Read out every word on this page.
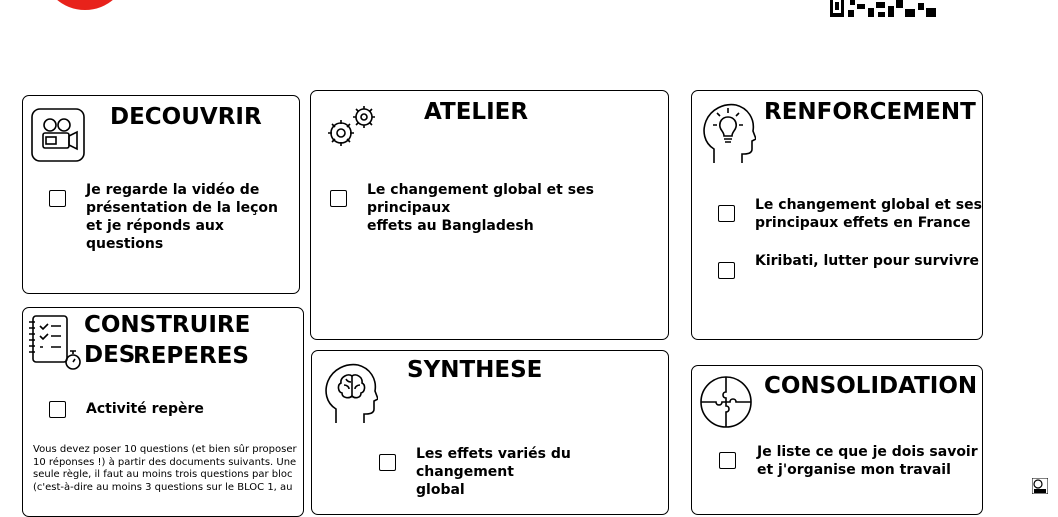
DECOUVRIR
Je regarde la vidéo de
présentation de la leçon
et je réponds aux questions
ATELIER
Le changement global et ses principaux
effets au Bangladesh
RENFORCEMENT
Le changement global et ses
principaux effets en France
Kiribati, lutter pour survivre
CONSTRUIRE DES
REPERES
Activité repère
Vous devez poser 10 questions (et bien sûr proposer 10 réponses !) à partir des documents suivants. Une seule règle, il faut au moins trois questions par bloc (c'est-à-dire au moins 3 questions sur le BLOC 1, au
SYNTHESE
Les effets variés du changement
global
CONSOLIDATION
Je liste ce que je dois savoir
et j'organise mon travail
